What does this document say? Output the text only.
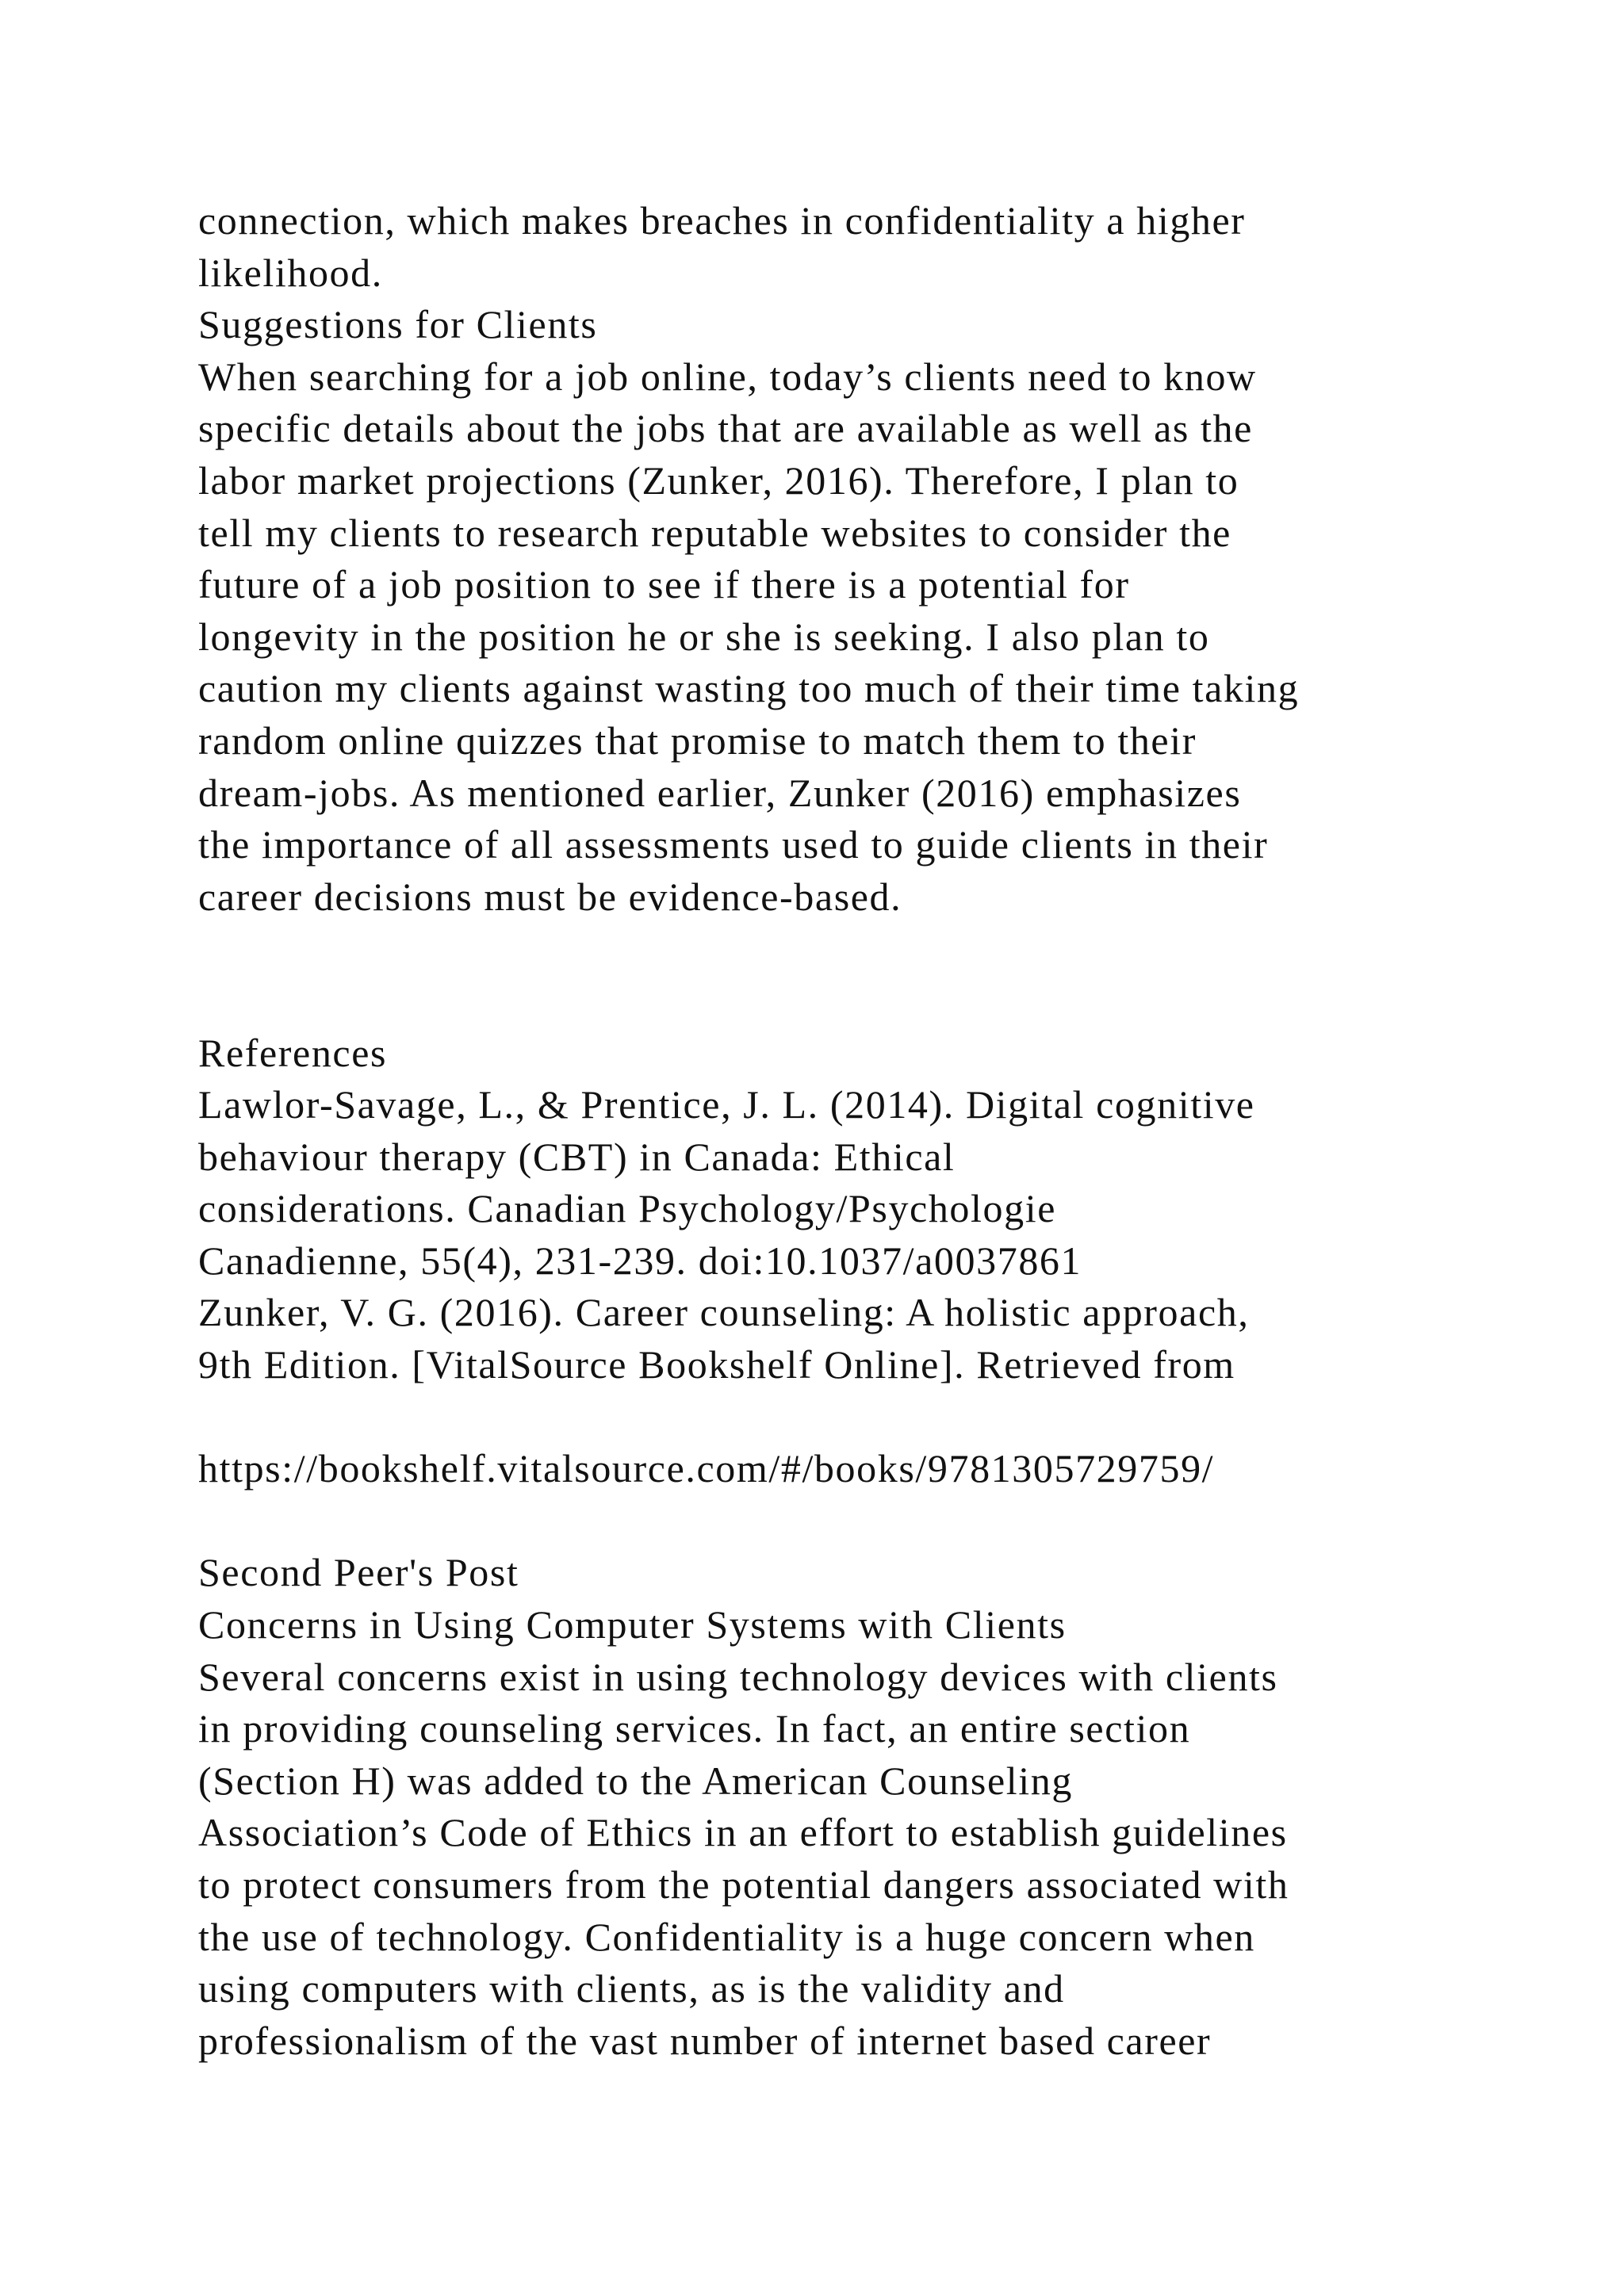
connection, which makes breaches in confidentiality a higher
likelihood.
Suggestions for Clients
When searching for a job online, today’s clients need to know
specific details about the jobs that are available as well as the
labor market projections (Zunker, 2016). Therefore, I plan to
tell my clients to research reputable websites to consider the
future of a job position to see if there is a potential for
longevity in the position he or she is seeking. I also plan to
caution my clients against wasting too much of their time taking
random online quizzes that promise to match them to their
dream-jobs. As mentioned earlier, Zunker (2016) emphasizes
the importance of all assessments used to guide clients in their
career decisions must be evidence-based.
References
Lawlor-Savage, L., & Prentice, J. L. (2014). Digital cognitive
behaviour therapy (CBT) in Canada: Ethical
considerations. Canadian Psychology/Psychologie
Canadienne, 55(4), 231-239. doi:10.1037/a0037861
Zunker, V. G. (2016). Career counseling: A holistic approach,
9th Edition. [VitalSource Bookshelf Online]. Retrieved from
https://bookshelf.vitalsource.com/#/books/9781305729759/
Second Peer's Post
Concerns in Using Computer Systems with Clients
Several concerns exist in using technology devices with clients
in providing counseling services. In fact, an entire section
(Section H) was added to the American Counseling
Association’s Code of Ethics in an effort to establish guidelines
to protect consumers from the potential dangers associated with
the use of technology. Confidentiality is a huge concern when
using computers with clients, as is the validity and
professionalism of the vast number of internet based career
